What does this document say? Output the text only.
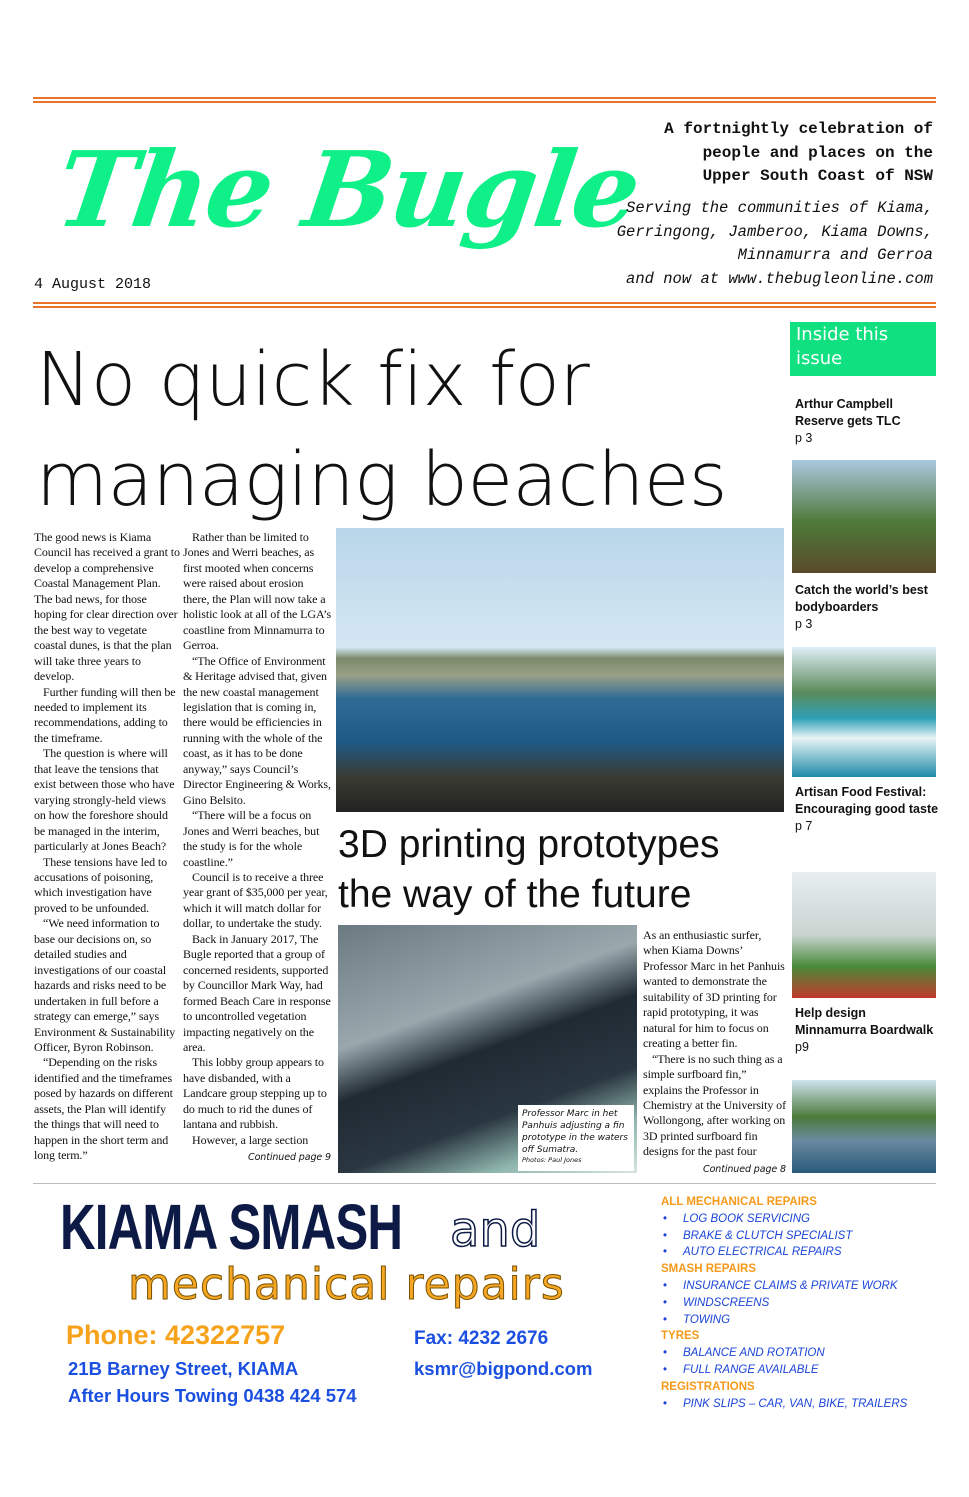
The Bugle A fortnightly celebration of
people and places on the
Upper South Coast of NSW
Serving the communities of Kiama,
Gerringong, Jamberoo, Kiama Downs,
Minnamurra and Gerroa
and now at www.thebugleonline.com
4 August 2018
No quick fix for
managing beaches

The good news is Kiama Council has received a grant to develop a comprehensive Coastal Management Plan. The bad news, for those hoping for clear direction over the best way to vegetate coastal dunes, is that the plan will take three years to develop.

Further funding will then be needed to implement its recommendations, adding to the timeframe.

The question is where will that leave the tensions that exist between those who have varying strongly-held views on how the foreshore should be managed in the interim, particularly at Jones Beach?

These tensions have led to accusations of poisoning, which investigation have proved to be unfounded.

“We need information to base our decisions on, so detailed studies and investigations of our coastal hazards and risks need to be undertaken in full before a strategy can emerge,” says Environment & Sustainability Officer, Byron Robinson.

“Depending on the risks identified and the timeframes posed by hazards on different assets, the Plan will identify the things that will need to happen in the short term and long term.”

Rather than be limited to Jones and Werri beaches, as first mooted when concerns were raised about erosion there, the Plan will now take a holistic look at all of the LGA’s coastline from Minnamurra to Gerroa.

“The Office of Environment & Heritage advised that, given the new coastal management legislation that is coming in, there would be efficiencies in running with the whole of the coast, as it has to be done anyway,” says Council’s Director Engineering & Works, Gino Belsito.

“There will be a focus on Jones and Werri beaches, but the study is for the whole coastline.”

Council is to receive a three year grant of $35,000 per year, which it will match dollar for dollar, to undertake the study.

Back in January 2017, The Bugle reported that a group of concerned residents, supported by Councillor Mark Way, had formed Beach Care in response to uncontrolled vegetation impacting negatively on the area.

This lobby group appears to have disbanded, with a Landcare group stepping up to do much to rid the dunes of lantana and rubbish.

However, a large section

Continued page 9
3D printing prototypes
the way of the future
Professor Marc in het Panhuis adjusting a fin prototype in the waters off Sumatra.
Photos: Paul Jones

As an enthusiastic surfer, when Kiama Downs’ Professor Marc in het Panhuis wanted to demonstrate the suitability of 3D printing for rapid prototyping, it was natural for him to focus on creating a better fin.

“There is no such thing as a simple surfboard fin,” explains the Professor in Chemistry at the University of Wollongong, after working on 3D printed surfboard fin designs for the past four

Continued page 8
Inside this issue
Arthur Campbell Reserve gets TLC
p 3
Catch the world’s best bodyboarders
p 3
Artisan Food Festival: Encouraging good taste
p 7
Help design Minnamurra Boardwalk
p9
KIAMA SMASH and
mechanical repairs
Phone: 42322757	Fax: 4232 2676
21B Barney Street, KIAMA	ksmr@bigpond.com
After Hours Towing 0438 424 574
ALL MECHANICAL REPAIRS
• LOG BOOK SERVICING
• BRAKE & CLUTCH SPECIALIST
• AUTO ELECTRICAL REPAIRS
SMASH REPAIRS
• INSURANCE CLAIMS & PRIVATE WORK
• WINDSCREENS
• TOWING
TYRES
• BALANCE AND ROTATION
• FULL RANGE AVAILABLE
REGISTRATIONS
• PINK SLIPS – CAR, VAN, BIKE, TRAILERS
